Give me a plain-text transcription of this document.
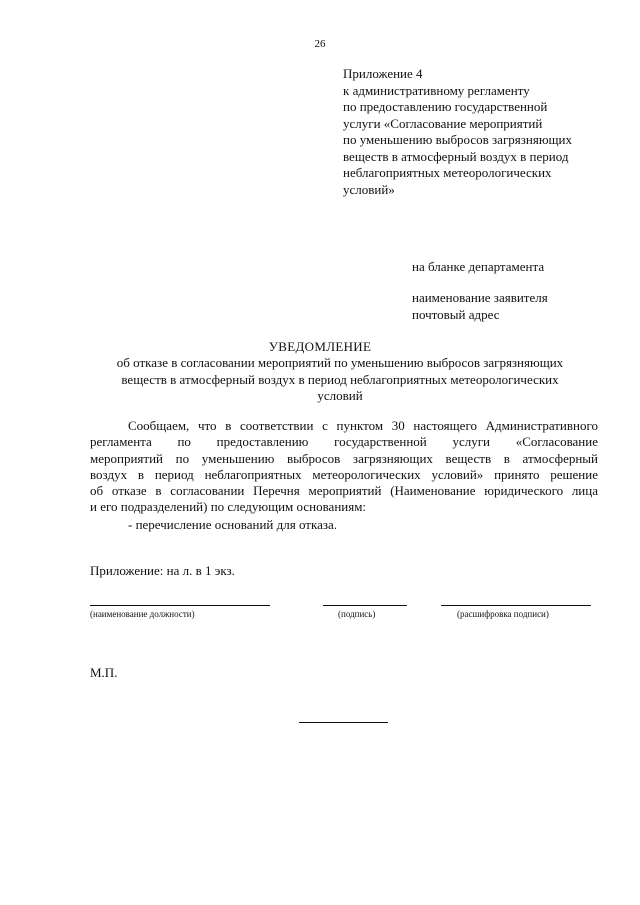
26
Приложение 4
к административному регламенту
по предоставлению государственной
услуги «Согласование мероприятий
по уменьшению выбросов загрязняющих
веществ в атмосферный воздух в период
неблагоприятных метеорологических
условий»
на бланке департамента
наименование заявителя
почтовый адрес
УВЕДОМЛЕНИЕ
об отказе в согласовании мероприятий по уменьшению выбросов загрязняющих
веществ в атмосферный воздух в период неблагоприятных метеорологических
условий
Сообщаем, что в соответствии с пунктом 30 настоящего Административного
регламента по предоставлению государственной услуги «Согласование
мероприятий по уменьшению выбросов загрязняющих веществ в атмосферный
воздух в период неблагоприятных метеорологических условий» принято решение
об отказе в согласовании Перечня мероприятий (Наименование юридического лица
и его подразделений) по следующим основаниям:
- перечисление оснований для отказа.
Приложение: на л. в 1 экз.
(наименование должности)	(подпись)	(расшифровка подписи)
М.П.
